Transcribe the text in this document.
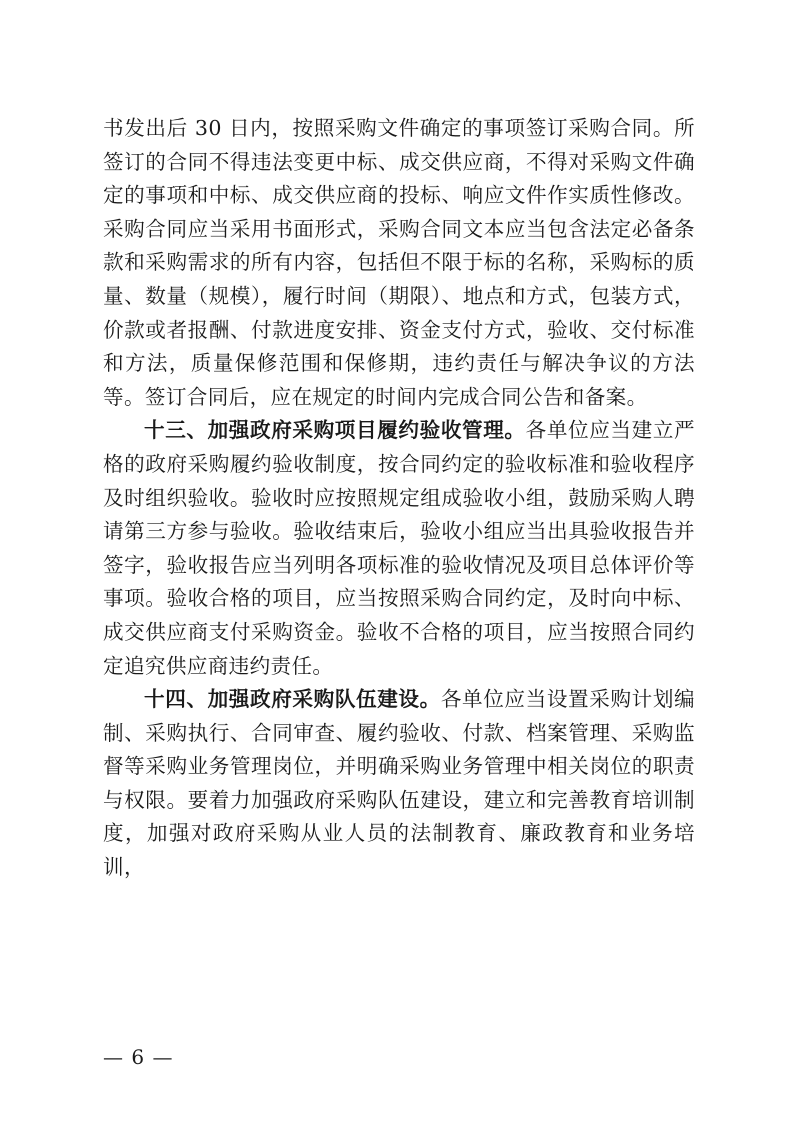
书发出后 30 日内，按照采购文件确定的事项签订采购合同。所签订的合同不得违法变更中标、成交供应商，不得对采购文件确定的事项和中标、成交供应商的投标、响应文件作实质性修改。采购合同应当采用书面形式，采购合同文本应当包含法定必备条款和采购需求的所有内容，包括但不限于标的名称，采购标的质量、数量（规模），履行时间（期限）、地点和方式，包装方式，价款或者报酬、付款进度安排、资金支付方式，验收、交付标准和方法，质量保修范围和保修期，违约责任与解决争议的方法等。签订合同后，应在规定的时间内完成合同公告和备案。

十三、加强政府采购项目履约验收管理。各单位应当建立严格的政府采购履约验收制度，按合同约定的验收标准和验收程序及时组织验收。验收时应按照规定组成验收小组，鼓励采购人聘请第三方参与验收。验收结束后，验收小组应当出具验收报告并签字，验收报告应当列明各项标准的验收情况及项目总体评价等事项。验收合格的项目，应当按照采购合同约定，及时向中标、成交供应商支付采购资金。验收不合格的项目，应当按照合同约定追究供应商违约责任。

十四、加强政府采购队伍建设。各单位应当设置采购计划编制、采购执行、合同审查、履约验收、付款、档案管理、采购监督等采购业务管理岗位，并明确采购业务管理中相关岗位的职责与权限。要着力加强政府采购队伍建设，建立和完善教育培训制度，加强对政府采购从业人员的法制教育、廉政教育和业务培训，

— 6 —
